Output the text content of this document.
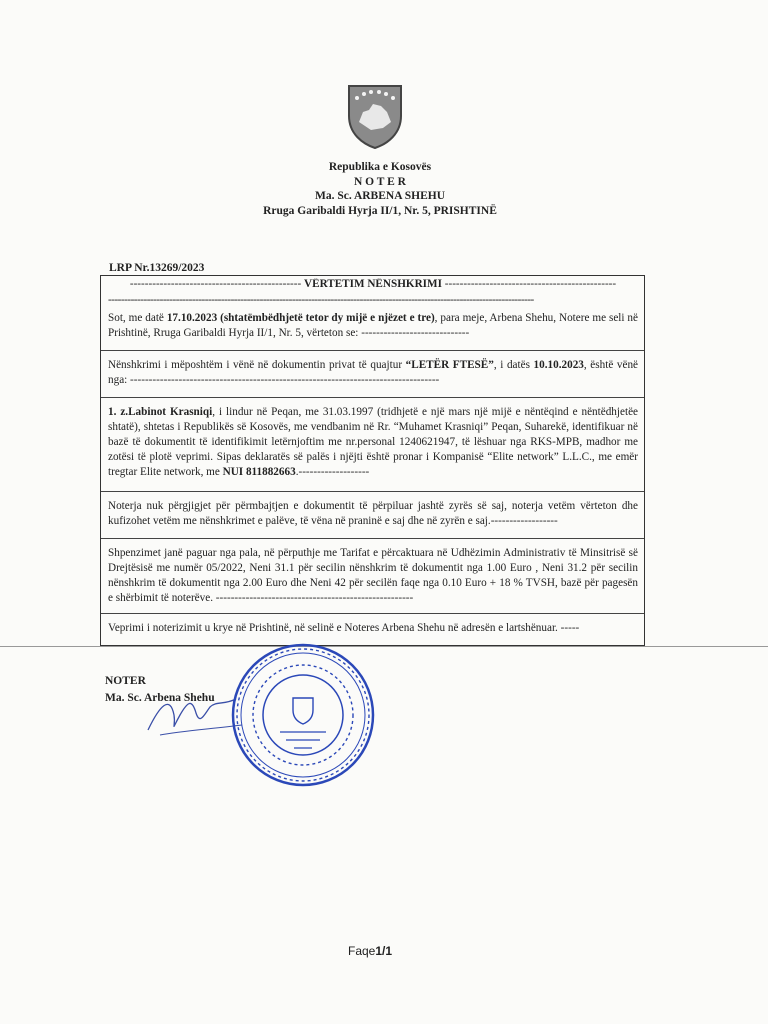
Republika e Kosovës
N O T E R
Ma. Sc. ARBENA SHEHU
Rruga Garibaldi Hyrja II/1, Nr. 5, PRISHTINË
LRP Nr.13269/2023
---------------------------------------------- VËRTETIM NËNSHKRIMI ----------------------------------------------
------------------------------------------------------------------------------------------------------------------------------------
Sot, me datë 17.10.2023 (shtatëmbëdhjetë tetor dy mijë e njëzet e tre), para meje, Arbena Shehu, Notere me seli në Prishtinë, Rruga Garibaldi Hyrja II/1, Nr. 5, vërteton se: -----------------------------
Nënshkrimi i mëposhtëm i vënë në dokumentin privat të quajtur “LETËR FTESË”, i datës 10.10.2023, është vënë nga: -----------------------------------------------------------------------------------
1. z.Labinot Krasniqi, i lindur në Peqan, me 31.03.1997 (tridhjetë e një mars një mijë e nëntëqind e nëntëdhjetëe shtatë), shtetas i Republikës së Kosovës, me vendbanim në Rr. “Muhamet Krasniqi” Peqan, Suharekë, identifikuar në bazë të dokumentit të identifikimit letërnjoftim me nr.personal 1240621947, të lëshuar nga RKS-MPB, madhor me zotësi të plotë veprimi. Sipas deklaratës së palës i njëjti është pronar i Kompanisë “Elite network” L.L.C., me emër tregtar Elite network, me NUI 811882663.-------------------
Noterja nuk përgjigjet për përmbajtjen e dokumentit të përpiluar jashtë zyrës së saj, noterja vetëm vërteton dhe kufizohet vetëm me nënshkrimet e palëve, të vëna në praninë e saj dhe në zyrën e saj.------------------
Shpenzimet janë paguar nga pala, në përputhje me Tarifat e përcaktuara në Udhëzimin Administrativ të Minsitrisë së Drejtësisë me numër 05/2022, Neni 31.1 për secilin nënshkrim të dokumentit nga 1.00 Euro , Neni 31.2 për secilin nënshkrim të dokumentit nga 2.00 Euro dhe Neni 42 për secilën faqe nga 0.10 Euro + 18 % TVSH, bazë për pagesën e shërbimit të noterëve. -----------------------------------------------------
Veprimi i noterizimit u kryе në Prishtinë, në selinë e Noteres Arbena Shehu në adresën e lartshënuar. -----
NOTER
Ma. Sc. Arbena Shehu
Faqe1/1
